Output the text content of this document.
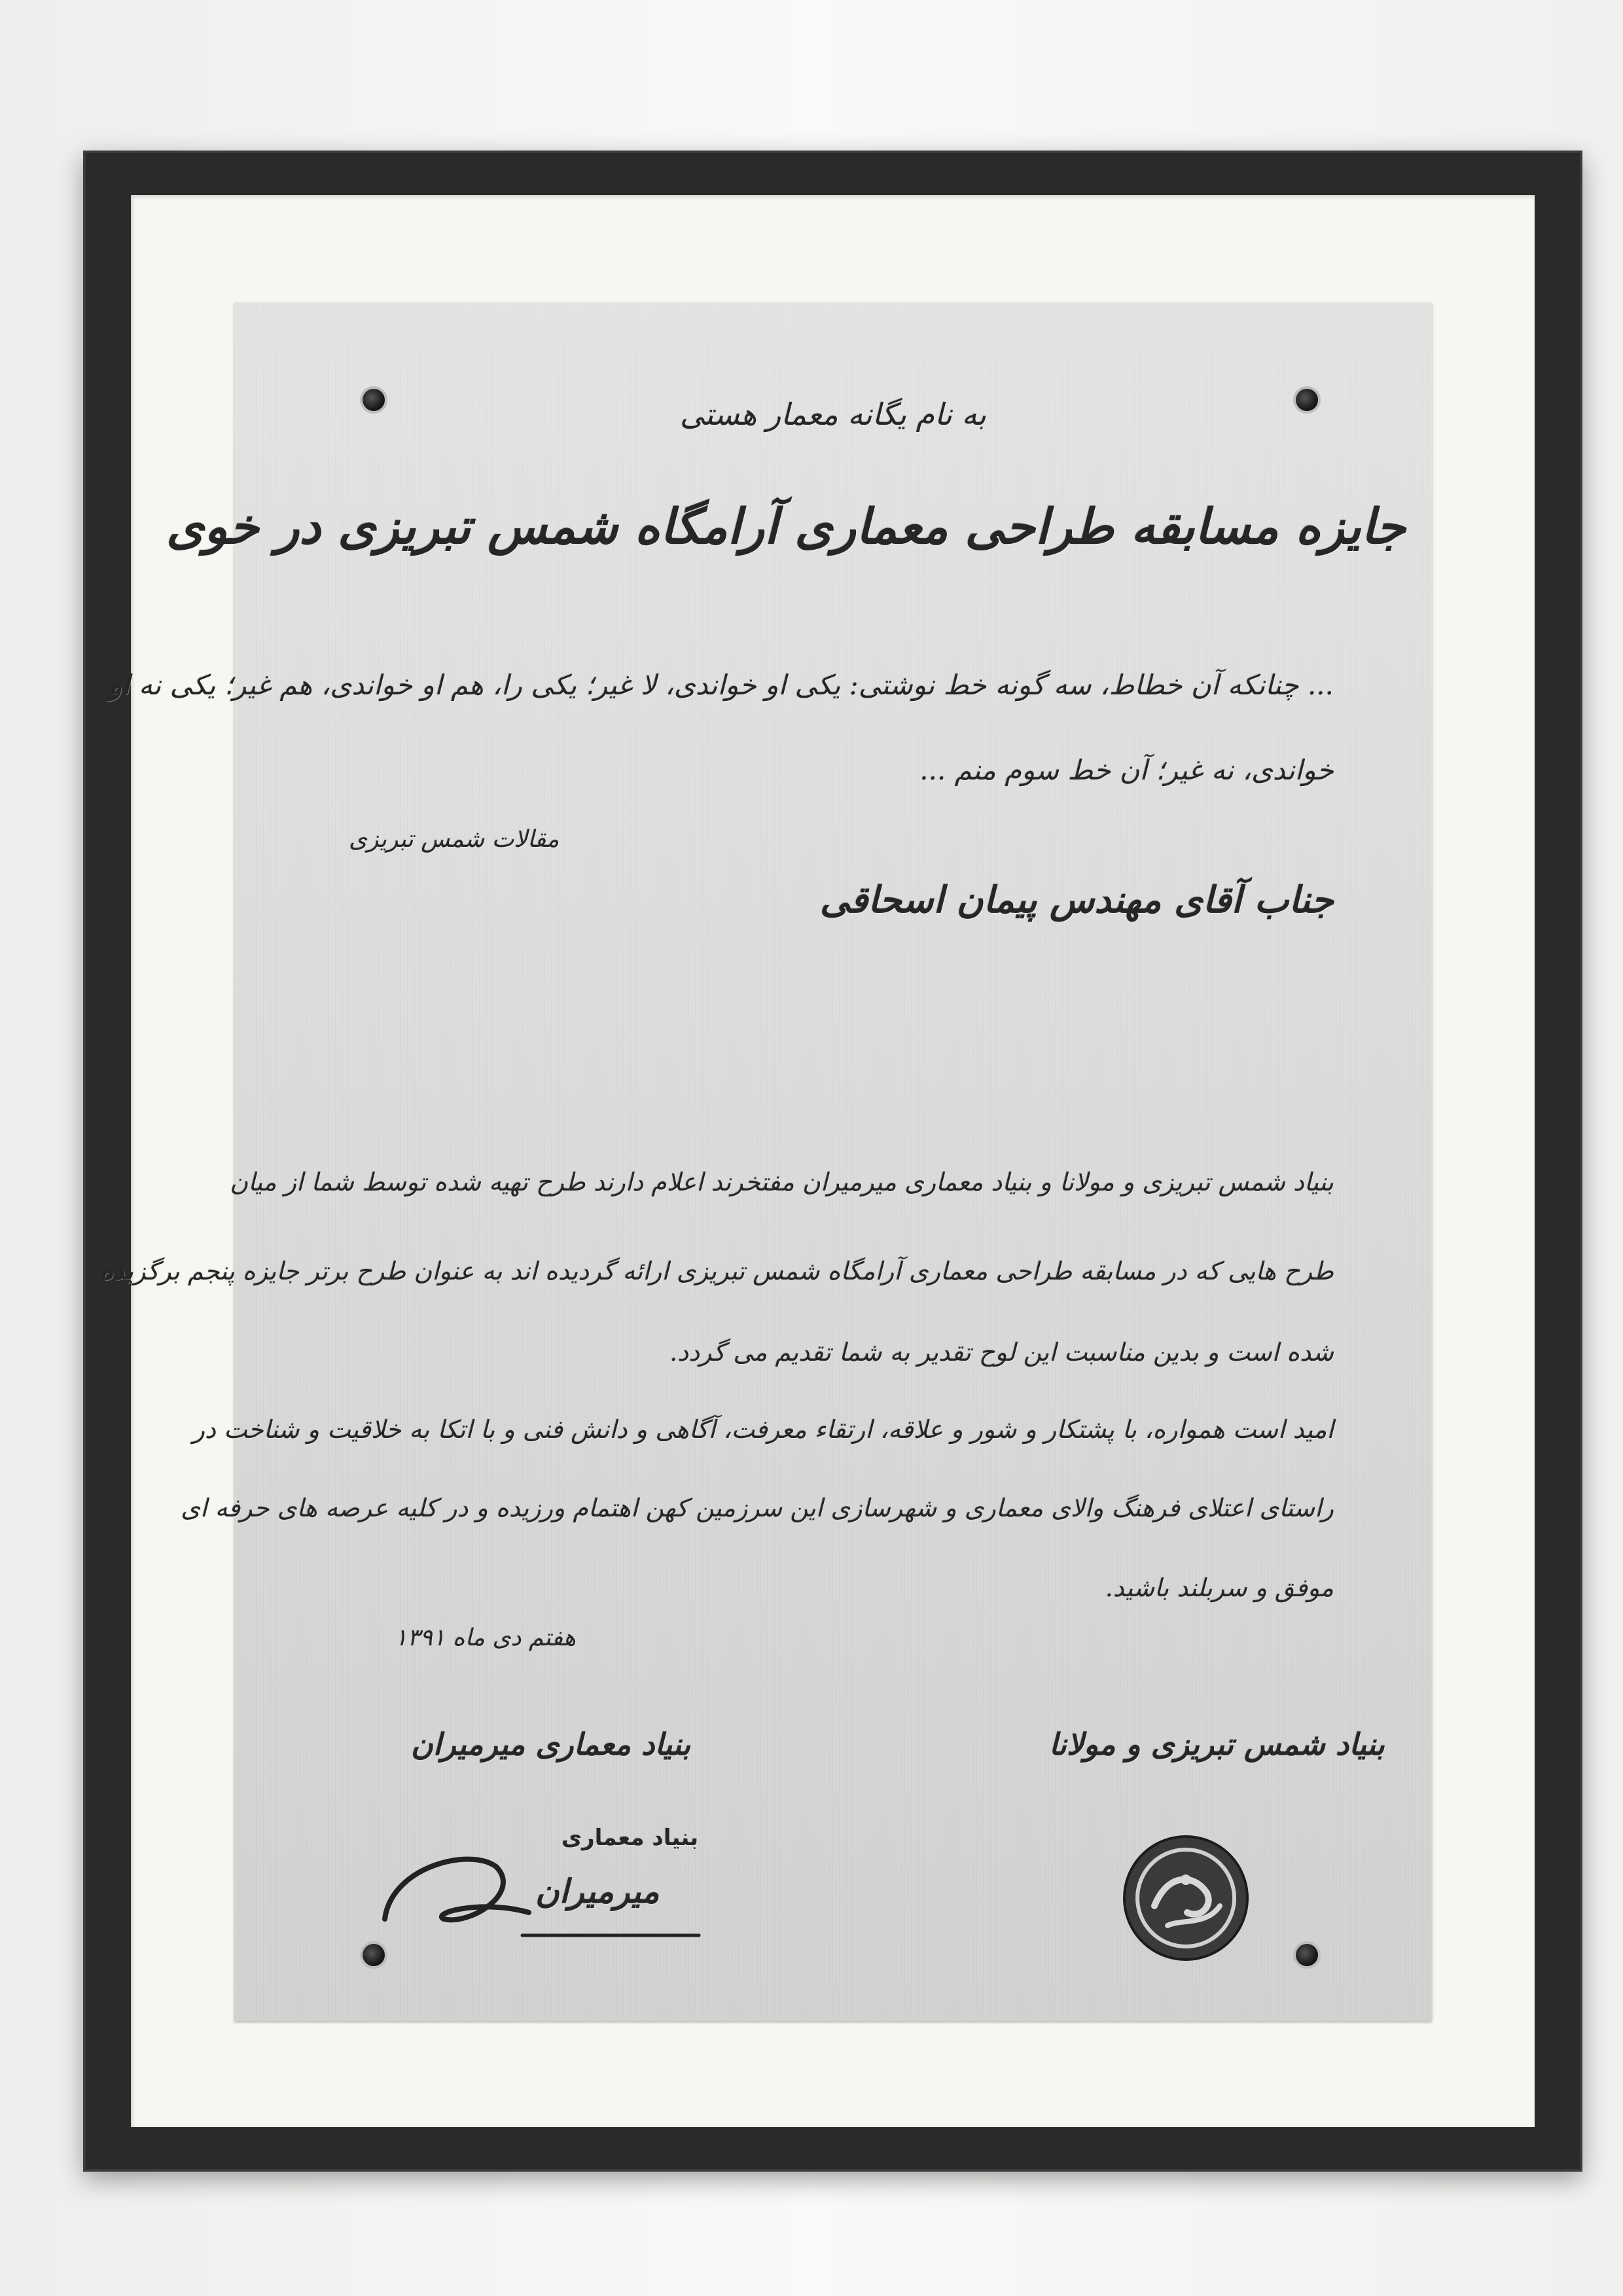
به نام یگانه معمار هستی
جایزه مسابقه طراحی معماری آرامگاه شمس تبریزی در خوی
... چنانکه آن خطاط، سه گونه خط نوشتی: یکی او خواندی، لا غیر؛ یکی را، هم او خواندی، هم غیر؛ یکی نه او
خواندی، نه غیر؛ آن خط سوم منم ...
مقالات شمس تبریزی
جناب آقای مهندس پیمان اسحاقی
بنیاد شمس تبریزی و مولانا و بنیاد معماری میرمیران مفتخرند اعلام دارند طرح تهیه شده توسط شما از میان
طرح هایی که در مسابقه طراحی معماری آرامگاه شمس تبریزی ارائه گردیده اند به عنوان طرح برتر جایزه پنجم برگزیده
شده است و بدین مناسبت این لوح تقدیر به شما تقدیم می گردد.
امید است همواره، با پشتکار و شور و علاقه، ارتقاء معرفت، آگاهی و دانش فنی و با اتکا به خلاقیت و شناخت در
راستای اعتلای فرهنگ والای معماری و شهرسازی این سرزمین کهن اهتمام ورزیده و در کلیه عرصه های حرفه ای
موفق و سربلند باشید.
هفتم دی ماه ۱۳۹۱
بنیاد شمس تبریزی و مولانا
بنیاد معماری میرمیران
بنیاد معماری
میرمیران
